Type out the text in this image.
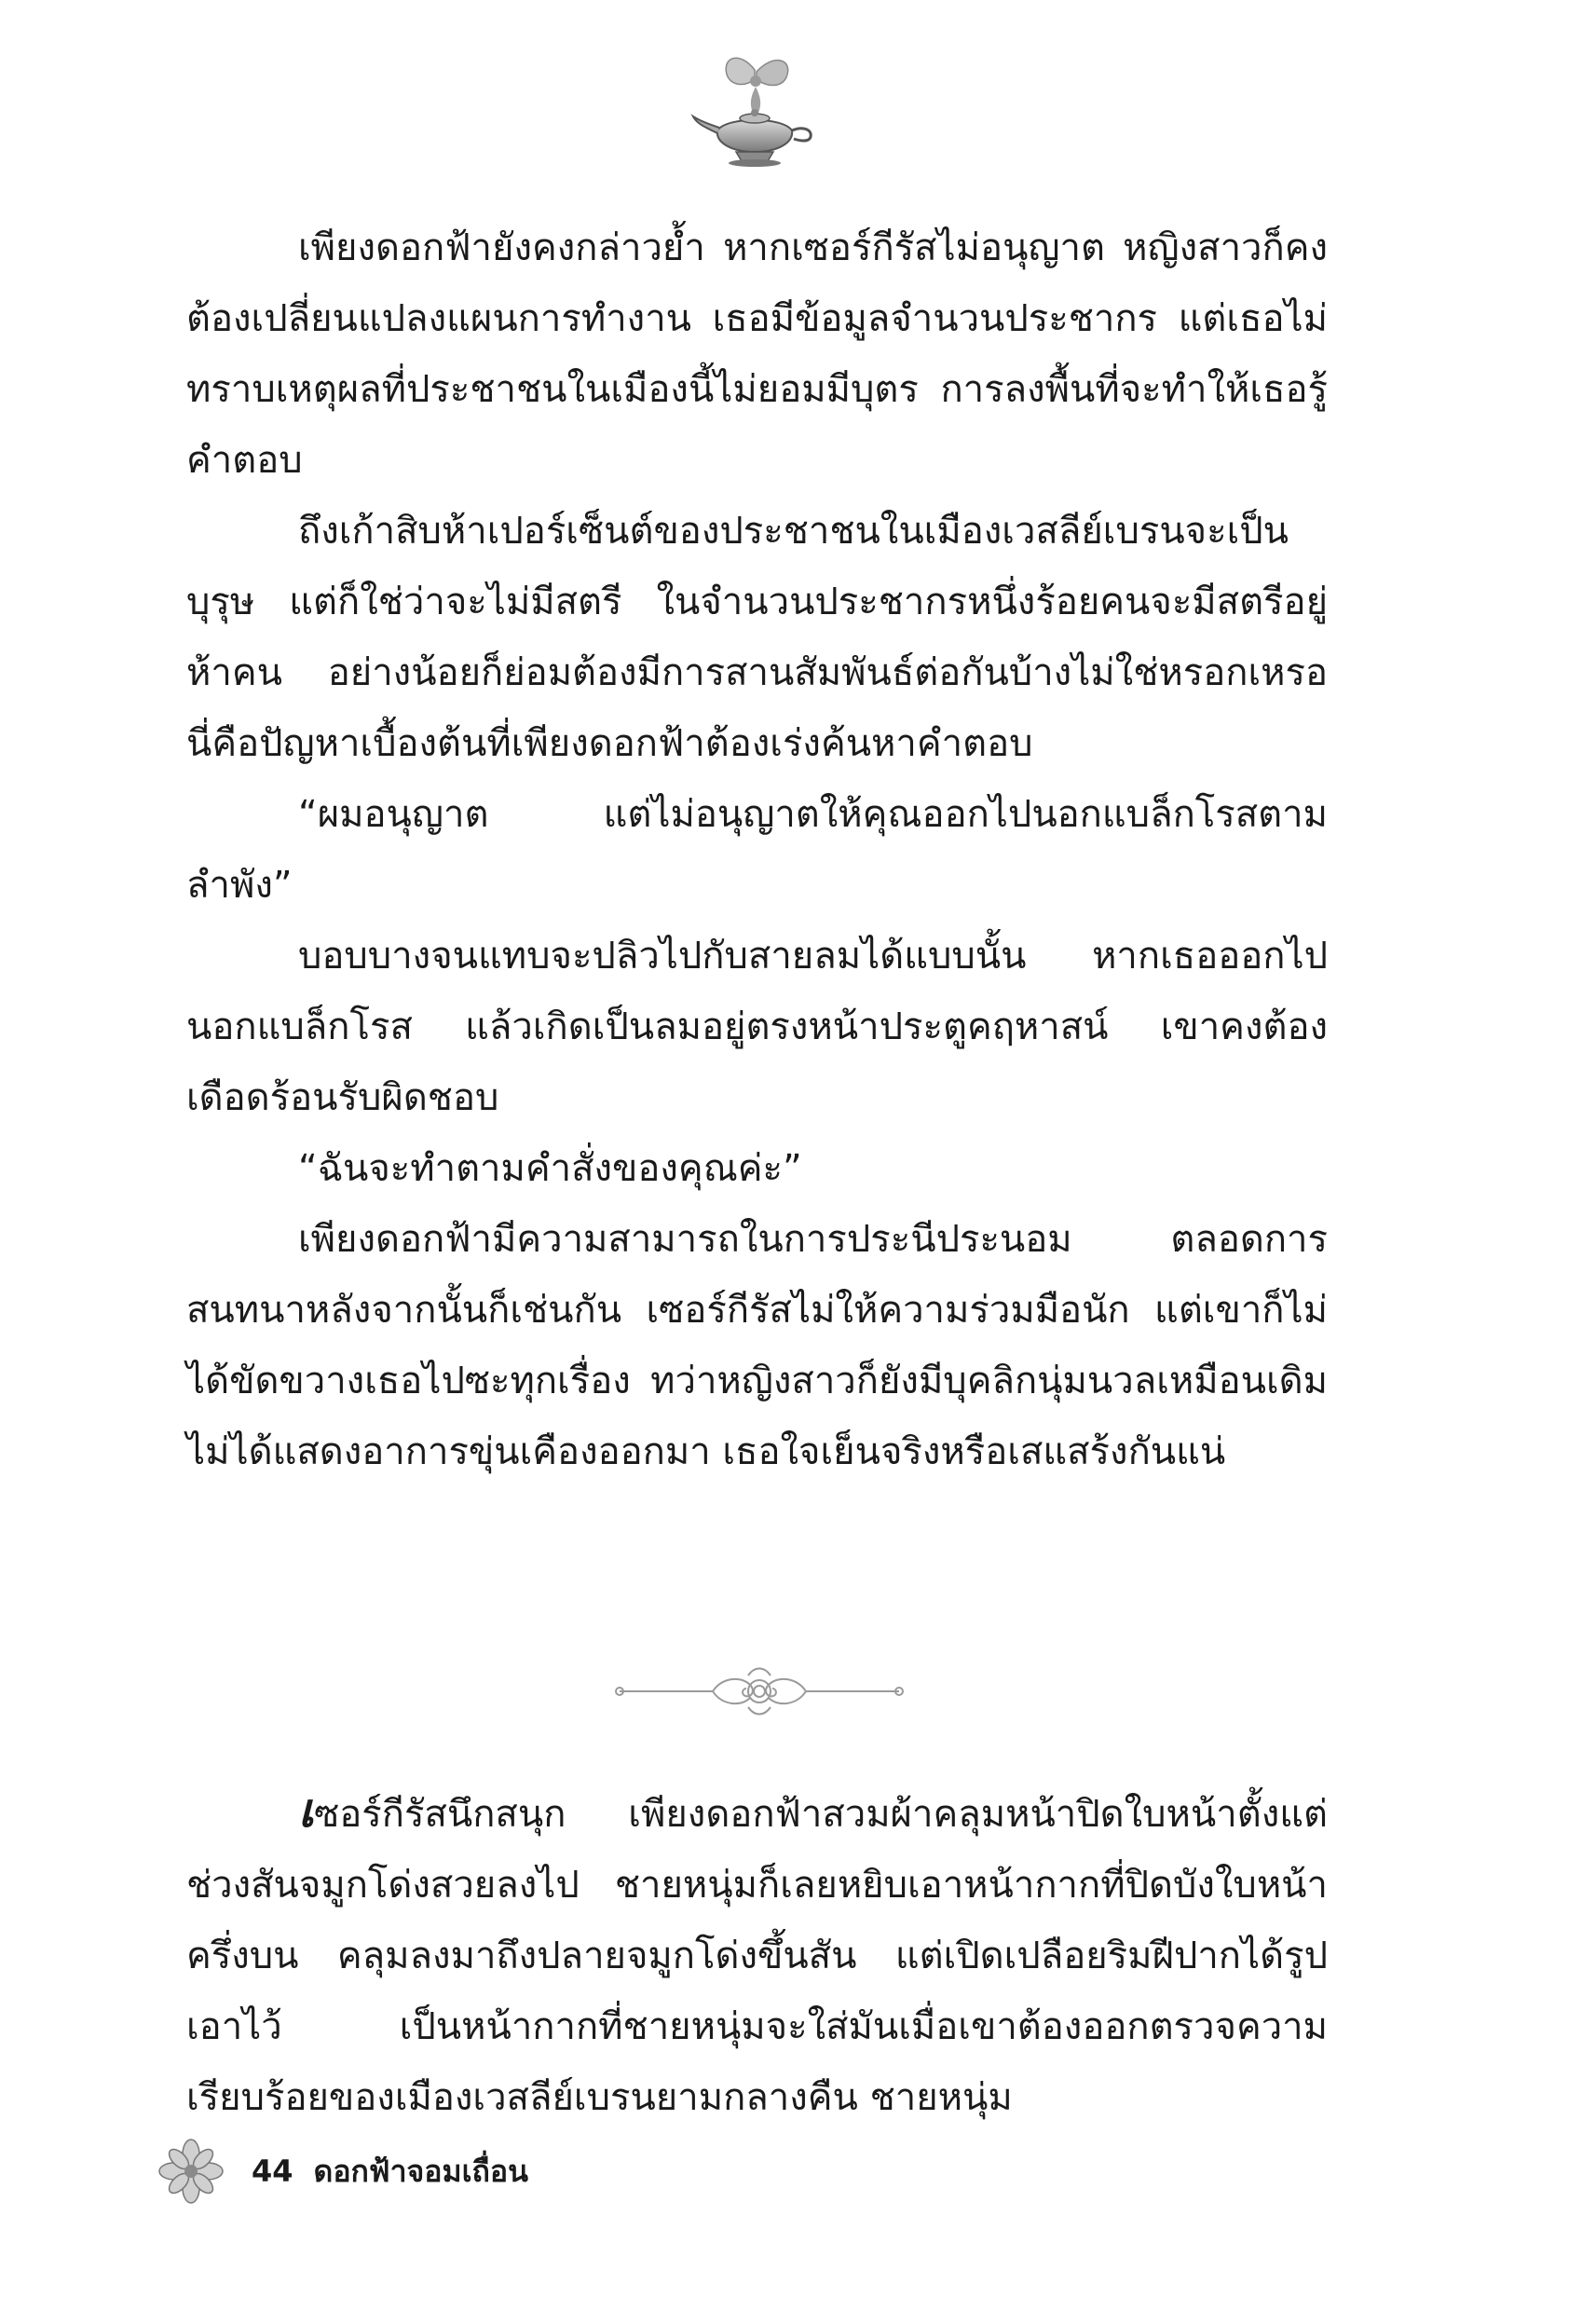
เพียงดอกฟ้ายังคงกล่าวย้ำ หากเซอร์กีรัสไม่อนุญาต หญิงสาวก็คงต้องเปลี่ยนแปลงแผนการทำงาน เธอมีข้อมูลจำนวนประชากร แต่เธอไม่ทราบเหตุผลที่ประชาชนในเมืองนี้ไม่ยอมมีบุตร การลงพื้นที่จะทำให้เธอรู้คำตอบ

ถึงเก้าสิบห้าเปอร์เซ็นต์ของประชาชนในเมืองเวสลีย์เบรนจะเป็นบุรุษ แต่ก็ใช่ว่าจะไม่มีสตรี ในจำนวนประชากรหนึ่งร้อยคนจะมีสตรีอยู่ห้าคน อย่างน้อยก็ย่อมต้องมีการสานสัมพันธ์ต่อกันบ้างไม่ใช่หรอกเหรอ นี่คือปัญหาเบื้องต้นที่เพียงดอกฟ้าต้องเร่งค้นหาคำตอบ

“ผมอนุญาต แต่ไม่อนุญาตให้คุณออกไปนอกแบล็กโรสตามลำพัง”

บอบบางจนแทบจะปลิวไปกับสายลมได้แบบนั้น หากเธอออกไปนอกแบล็กโรส แล้วเกิดเป็นลมอยู่ตรงหน้าประตูคฤหาสน์ เขาคงต้องเดือดร้อนรับผิดชอบ

“ฉันจะทำตามคำสั่งของคุณค่ะ”

เพียงดอกฟ้ามีความสามารถในการประนีประนอม ตลอดการสนทนาหลังจากนั้นก็เช่นกัน เซอร์กีรัสไม่ให้ความร่วมมือนัก แต่เขาก็ไม่ได้ขัดขวางเธอไปซะทุกเรื่อง ทว่าหญิงสาวก็ยังมีบุคลิกนุ่มนวลเหมือนเดิม ไม่ได้แสดงอาการขุ่นเคืองออกมา เธอใจเย็นจริงหรือเสแสร้งกันแน่

เซอร์กีรัสนึกสนุก เพียงดอกฟ้าสวมผ้าคลุมหน้าปิดใบหน้าตั้งแต่ช่วงสันจมูกโด่งสวยลงไป ชายหนุ่มก็เลยหยิบเอาหน้ากากที่ปิดบังใบหน้าครึ่งบน คลุมลงมาถึงปลายจมูกโด่งขึ้นสัน แต่เปิดเปลือยริมฝีปากได้รูปเอาไว้ เป็นหน้ากากที่ชายหนุ่มจะใส่มันเมื่อเขาต้องออกตรวจความเรียบร้อยของเมืองเวสลีย์เบรนยามกลางคืน ชายหนุ่ม

44 ดอกฟ้าจอมเถื่อน
